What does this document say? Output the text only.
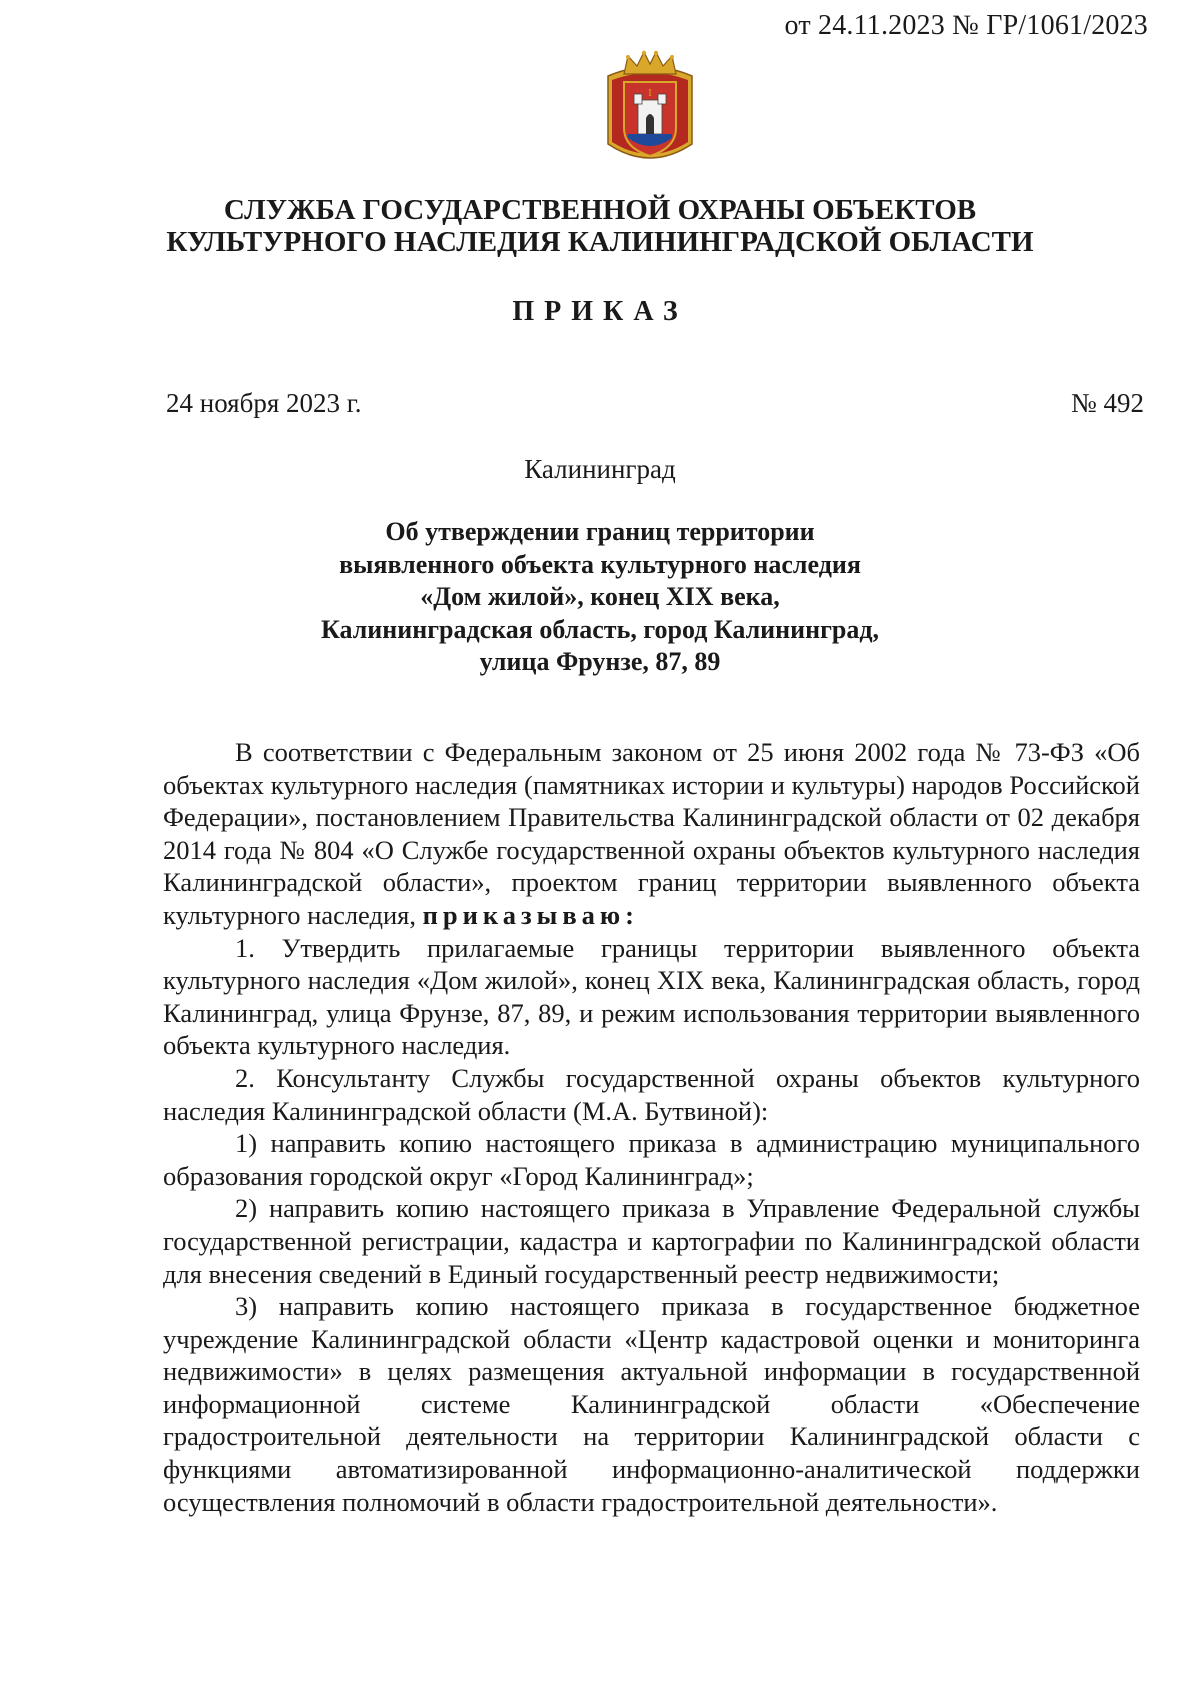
от 24.11.2023 № ГР/1061/2023
Ⅰ
СЛУЖБА ГОСУДАРСТВЕННОЙ ОХРАНЫ ОБЪЕКТОВ
КУЛЬТУРНОГО НАСЛЕДИЯ КАЛИНИНГРАДСКОЙ ОБЛАСТИ
ПРИКАЗ
24 ноября 2023 г.	№ 492
Калининград
Об утверждении границ территории
выявленного объекта культурного наследия
«Дом жилой», конец XIX века,
Калининградская область, город Калининград,
улица Фрунзе, 87, 89

В соответствии с Федеральным законом от 25 июня 2002 года № 73-ФЗ «Об объектах культурного наследия (памятниках истории и культуры) народов Российской Федерации», постановлением Правительства Калининградской области от 02 декабря 2014 года № 804 «О Службе государственной охраны объектов культурного наследия Калининградской области», проектом границ территории выявленного объекта культурного наследия, приказываю:

1. Утвердить прилагаемые границы территории выявленного объекта культурного наследия «Дом жилой», конец XIX века, Калининградская область, город Калининград, улица Фрунзе, 87, 89, и режим использования территории выявленного объекта культурного наследия.

2. Консультанту Службы государственной охраны объектов культурного наследия Калининградской области (М.А. Бутвиной):

1) направить копию настоящего приказа в администрацию муниципального образования городской округ «Город Калининград»;

2) направить копию настоящего приказа в Управление Федеральной службы государственной регистрации, кадастра и картографии по Калининградской области для внесения сведений в Единый государственный реестр недвижимости;

3) направить копию настоящего приказа в государственное бюджетное учреждение Калининградской области «Центр кадастровой оценки и мониторинга недвижимости» в целях размещения актуальной информации в государственной информационной системе Калининградской области «Обеспечение градостроительной деятельности на территории Калининградской области с функциями автоматизированной информационно-аналитической поддержки осуществления полномочий в области градостроительной деятельности».
